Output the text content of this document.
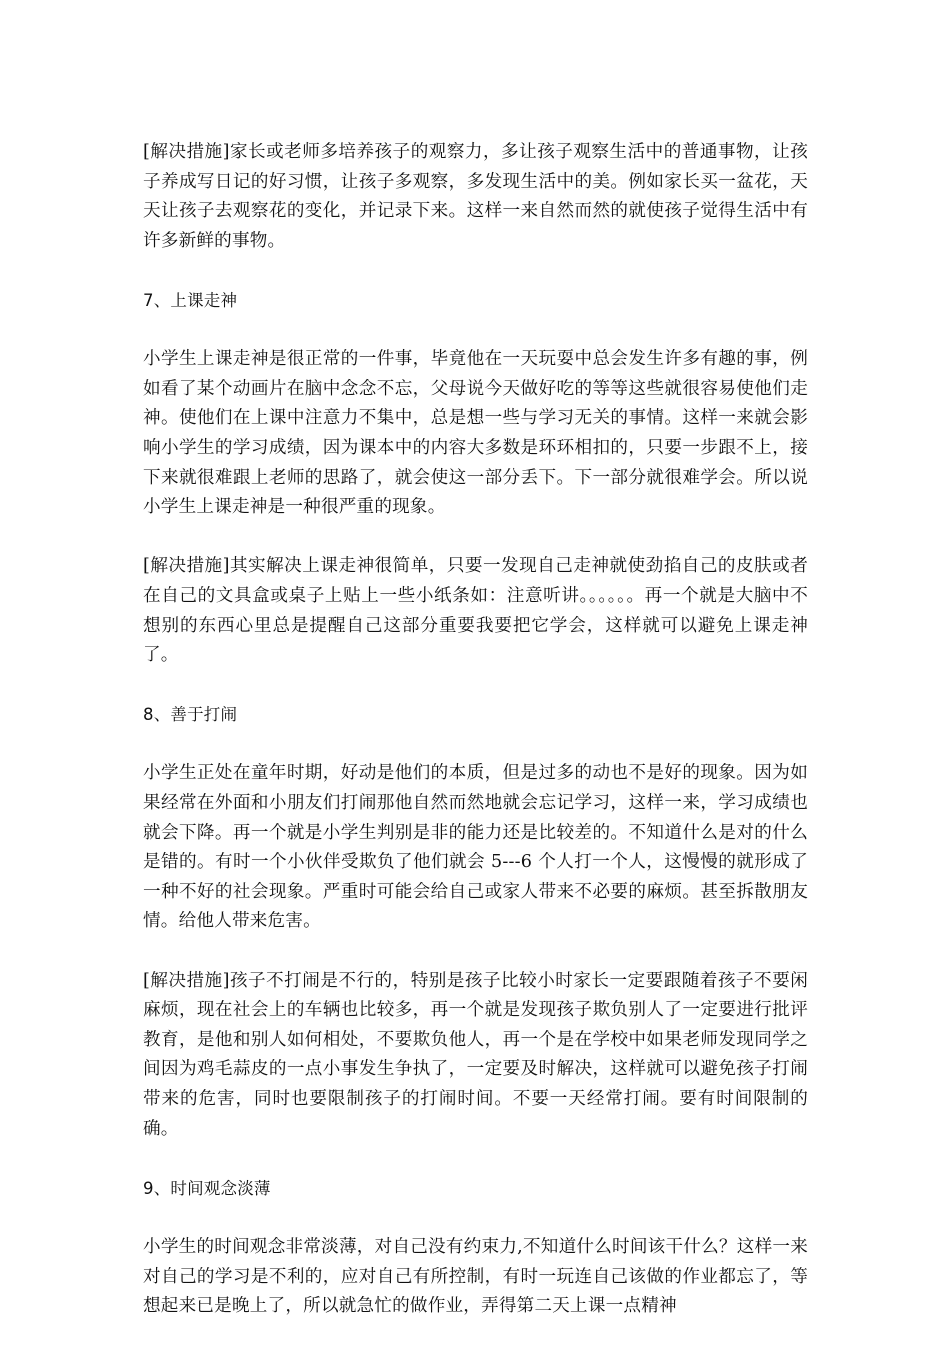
[解决措施]家长或老师多培养孩子的观察力，多让孩子观察生活中的普通事物，让孩子养成写日记的好习惯，让孩子多观察，多发现生活中的美。例如家长买一盆花，天天让孩子去观察花的变化，并记录下来。这样一来自然而然的就使孩子觉得生活中有许多新鲜的事物。

7、上课走神

小学生上课走神是很正常的一件事，毕竟他在一天玩耍中总会发生许多有趣的事，例如看了某个动画片在脑中念念不忘，父母说今天做好吃的等等这些就很容易使他们走神。使他们在上课中注意力不集中，总是想一些与学习无关的事情。这样一来就会影响小学生的学习成绩，因为课本中的内容大多数是环环相扣的，只要一步跟不上，接下来就很难跟上老师的思路了，就会使这一部分丢下。下一部分就很难学会。所以说小学生上课走神是一种很严重的现象。

[解决措施]其实解决上课走神很简单，只要一发现自己走神就使劲掐自己的皮肤或者在自己的文具盒或桌子上贴上一些小纸条如：注意听讲。。。。。。再一个就是大脑中不想别的东西心里总是提醒自己这部分重要我要把它学会，这样就可以避免上课走神了。

8、善于打闹

小学生正处在童年时期，好动是他们的本质，但是过多的动也不是好的现象。因为如果经常在外面和小朋友们打闹那他自然而然地就会忘记学习，这样一来，学习成绩也就会下降。再一个就是小学生判别是非的能力还是比较差的。不知道什么是对的什么是错的。有时一个小伙伴受欺负了他们就会 5---6 个人打一个人，这慢慢的就形成了一种不好的社会现象。严重时可能会给自己或家人带来不必要的麻烦。甚至拆散朋友情。给他人带来危害。

[解决措施]孩子不打闹是不行的，特别是孩子比较小时家长一定要跟随着孩子不要闲麻烦，现在社会上的车辆也比较多，再一个就是发现孩子欺负别人了一定要进行批评教育，是他和别人如何相处，不要欺负他人，再一个是在学校中如果老师发现同学之间因为鸡毛蒜皮的一点小事发生争执了，一定要及时解决，这样就可以避免孩子打闹带来的危害，同时也要限制孩子的打闹时间。不要一天经常打闹。要有时间限制的确。

9、时间观念淡薄

小学生的时间观念非常淡薄，对自己没有约束力,不知道什么时间该干什么？这样一来对自己的学习是不利的，应对自己有所控制，有时一玩连自己该做的作业都忘了，等想起来已是晚上了，所以就急忙的做作业，弄得第二天上课一点精神
